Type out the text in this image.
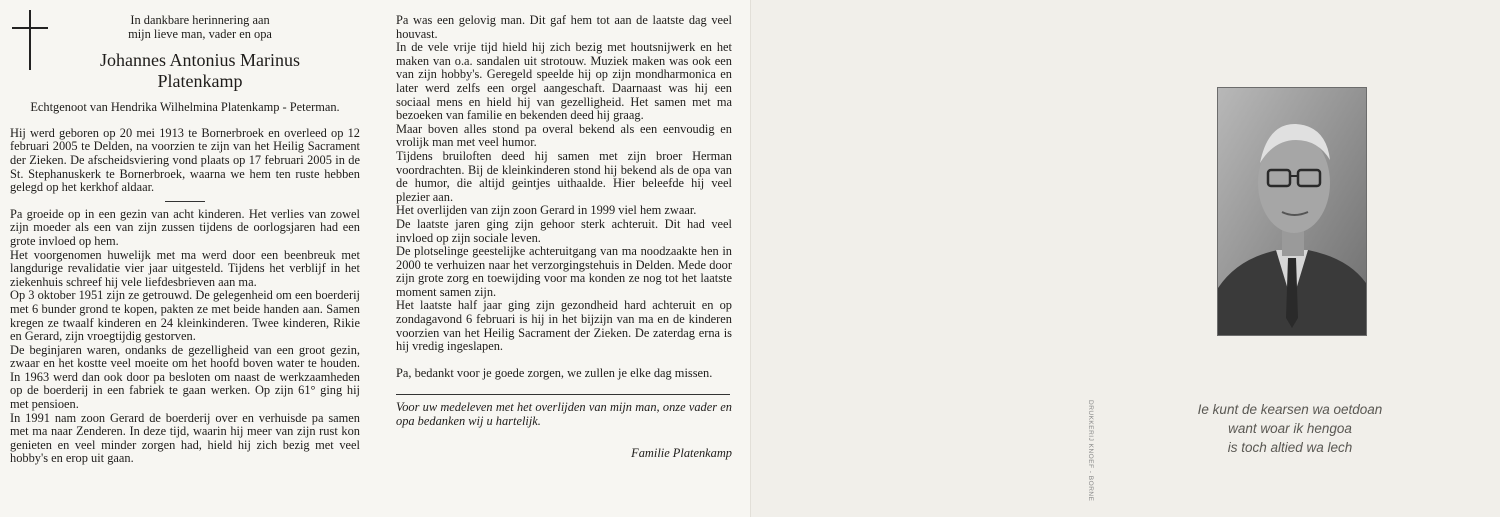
In dankbare herinnering aan
mijn lieve man, vader en opa
Johannes Antonius Marinus
Platenkamp
Echtgenoot van Hendrika Wilhelmina Platenkamp - Peterman.

Hij werd geboren op 20 mei 1913 te Bornerbroek en overleed op 12 februari 2005 te Delden, na voorzien te zijn van het Heilig Sacrament der Zieken. De afscheidsviering vond plaats op 17 februari 2005 in de St. Stephanuskerk te Bornerbroek, waarna we hem ten ruste hebben gelegd op het kerkhof aldaar.

Pa groeide op in een gezin van acht kinderen. Het verlies van zowel zijn moeder als een van zijn zussen tijdens de oorlogsjaren had een grote invloed op hem.

Het voorgenomen huwelijk met ma werd door een beenbreuk met langdurige revalidatie vier jaar uitgesteld. Tijdens het verblijf in het ziekenhuis schreef hij vele liefdesbrieven aan ma.

Op 3 oktober 1951 zijn ze getrouwd. De gelegenheid om een boerderij met 6 bunder grond te kopen, pakten ze met beide handen aan. Samen kregen ze twaalf kinderen en 24 kleinkinderen. Twee kinderen, Rikie en Gerard, zijn vroegtijdig gestorven.

De beginjaren waren, ondanks de gezelligheid van een groot gezin, zwaar en het kostte veel moeite om het hoofd boven water te houden. In 1963 werd dan ook door pa besloten om naast de werkzaamheden op de boerderij in een fabriek te gaan werken. Op zijn 61° ging hij met pensioen.

In 1991 nam zoon Gerard de boerderij over en verhuisde pa samen met ma naar Zenderen. In deze tijd, waarin hij meer van zijn rust kon genieten en veel minder zorgen had, hield hij zich bezig met veel hobby's en erop uit gaan.

Pa was een gelovig man. Dit gaf hem tot aan de laatste dag veel houvast.

In de vele vrije tijd hield hij zich bezig met houtsnijwerk en het maken van o.a. sandalen uit strotouw. Muziek maken was ook een van zijn hobby's. Geregeld speelde hij op zijn mondharmonica en later werd zelfs een orgel aangeschaft. Daarnaast was hij een sociaal mens en hield hij van gezelligheid. Het samen met ma bezoeken van familie en bekenden deed hij graag.

Maar boven alles stond pa overal bekend als een eenvoudig en vrolijk man met veel humor.

Tijdens bruiloften deed hij samen met zijn broer Herman voordrachten. Bij de kleinkinderen stond hij bekend als de opa van de humor, die altijd geintjes uithaalde. Hier beleefde hij veel plezier aan.

Het overlijden van zijn zoon Gerard in 1999 viel hem zwaar.

De laatste jaren ging zijn gehoor sterk achteruit. Dit had veel invloed op zijn sociale leven.

De plotselinge geestelijke achteruitgang van ma noodzaakte hen in 2000 te verhuizen naar het verzorgingstehuis in Delden. Mede door zijn grote zorg en toewijding voor ma konden ze nog tot het laatste moment samen zijn.

Het laatste half jaar ging zijn gezondheid hard achteruit en op zondagavond 6 februari is hij in het bijzijn van ma en de kinderen voorzien van het Heilig Sacrament der Zieken. De zaterdag erna is hij vredig ingeslapen.

Pa, bedankt voor je goede zorgen, we zullen je elke dag missen.

Voor uw medeleven met het overlijden van mijn man, onze vader en opa bedanken wij u hartelijk.

Familie Platenkamp	DRUKKERIJ KNOEF - BORNE	Ie kunt de kearsen wa oetdoan
want woar ik hengoa
is toch altied wa lech
